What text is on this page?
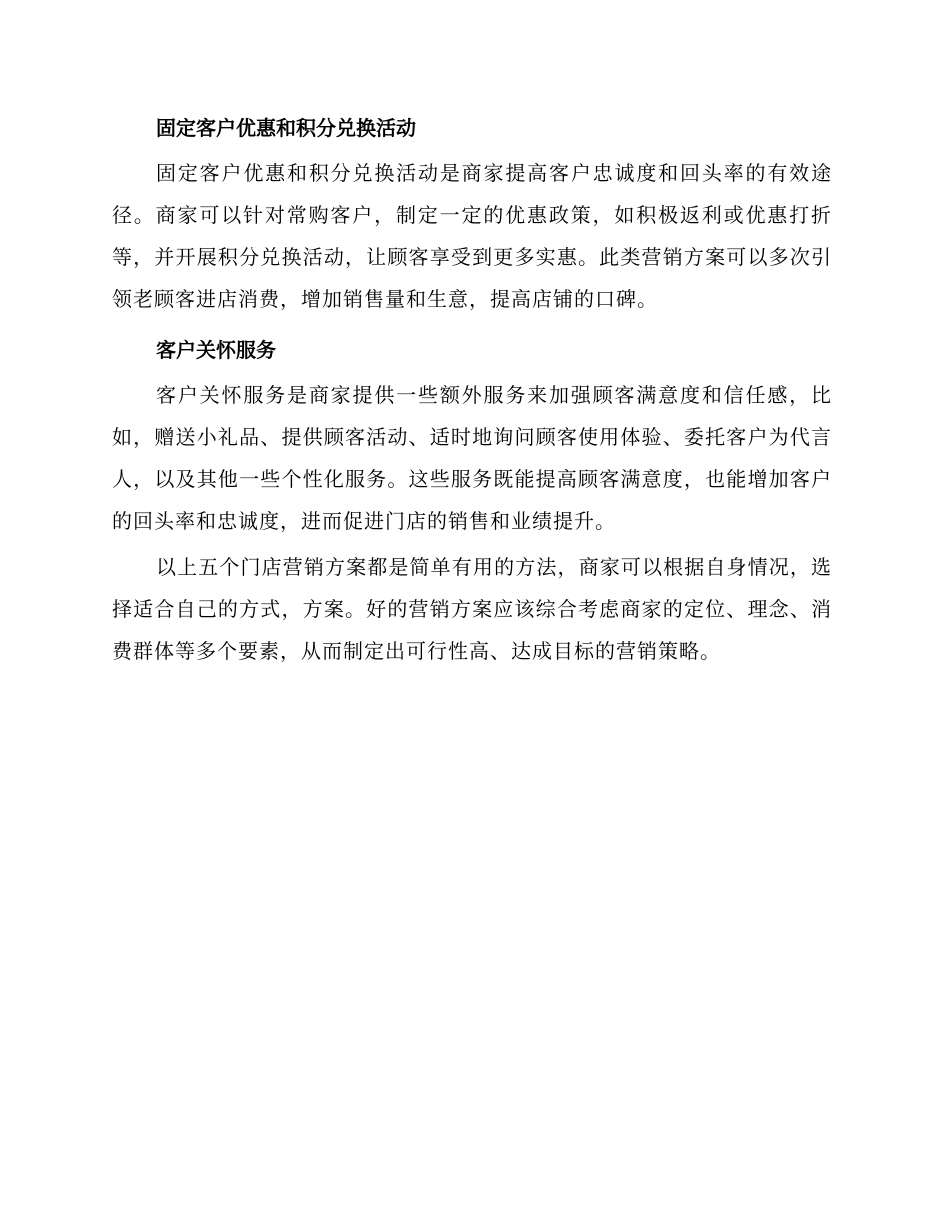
固定客户优惠和积分兑换活动

固定客户优惠和积分兑换活动是商家提高客户忠诚度和回头率的有效途径。商家可以针对常购客户，制定一定的优惠政策，如积极返利或优惠打折等，并开展积分兑换活动，让顾客享受到更多实惠。此类营销方案可以多次引领老顾客进店消费，增加销售量和生意，提高店铺的口碑。

客户关怀服务

客户关怀服务是商家提供一些额外服务来加强顾客满意度和信任感，比如，赠送小礼品、提供顾客活动、适时地询问顾客使用体验、委托客户为代言人，以及其他一些个性化服务。这些服务既能提高顾客满意度，也能增加客户的回头率和忠诚度，进而促进门店的销售和业绩提升。

以上五个门店营销方案都是简单有用的方法，商家可以根据自身情况，选择适合自己的方式，方案。好的营销方案应该综合考虑商家的定位、理念、消费群体等多个要素，从而制定出可行性高、达成目标的营销策略。
